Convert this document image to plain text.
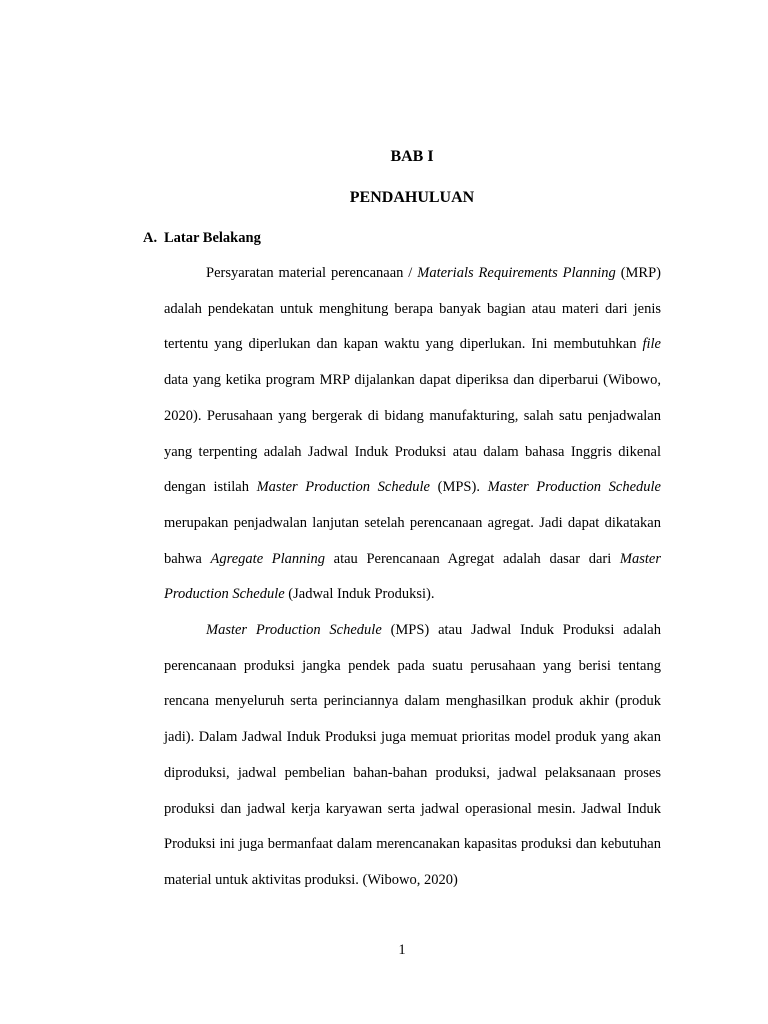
BAB I
PENDAHULUAN
A. Latar Belakang

Persyaratan material perencanaan / Materials Requirements Planning (MRP) adalah pendekatan untuk menghitung berapa banyak bagian atau materi dari jenis tertentu yang diperlukan dan kapan waktu yang diperlukan. Ini membutuhkan file data yang ketika program MRP dijalankan dapat diperiksa dan diperbarui (Wibowo, 2020). Perusahaan yang bergerak di bidang manufakturing, salah satu penjadwalan yang terpenting adalah Jadwal Induk Produksi atau dalam bahasa Inggris dikenal dengan istilah Master Production Schedule (MPS). Master Production Schedule merupakan penjadwalan lanjutan setelah perencanaan agregat. Jadi dapat dikatakan bahwa Agregate Planning atau Perencanaan Agregat adalah dasar dari Master Production Schedule (Jadwal Induk Produksi).

Master Production Schedule (MPS) atau Jadwal Induk Produksi adalah perencanaan produksi jangka pendek pada suatu perusahaan yang berisi tentang rencana menyeluruh serta perinciannya dalam menghasilkan produk akhir (produk jadi). Dalam Jadwal Induk Produksi juga memuat prioritas model produk yang akan diproduksi, jadwal pembelian bahan-bahan produksi, jadwal pelaksanaan proses produksi dan jadwal kerja karyawan serta jadwal operasional mesin. Jadwal Induk Produksi ini juga bermanfaat dalam merencanakan kapasitas produksi dan kebutuhan material untuk aktivitas produksi. (Wibowo, 2020)

1
